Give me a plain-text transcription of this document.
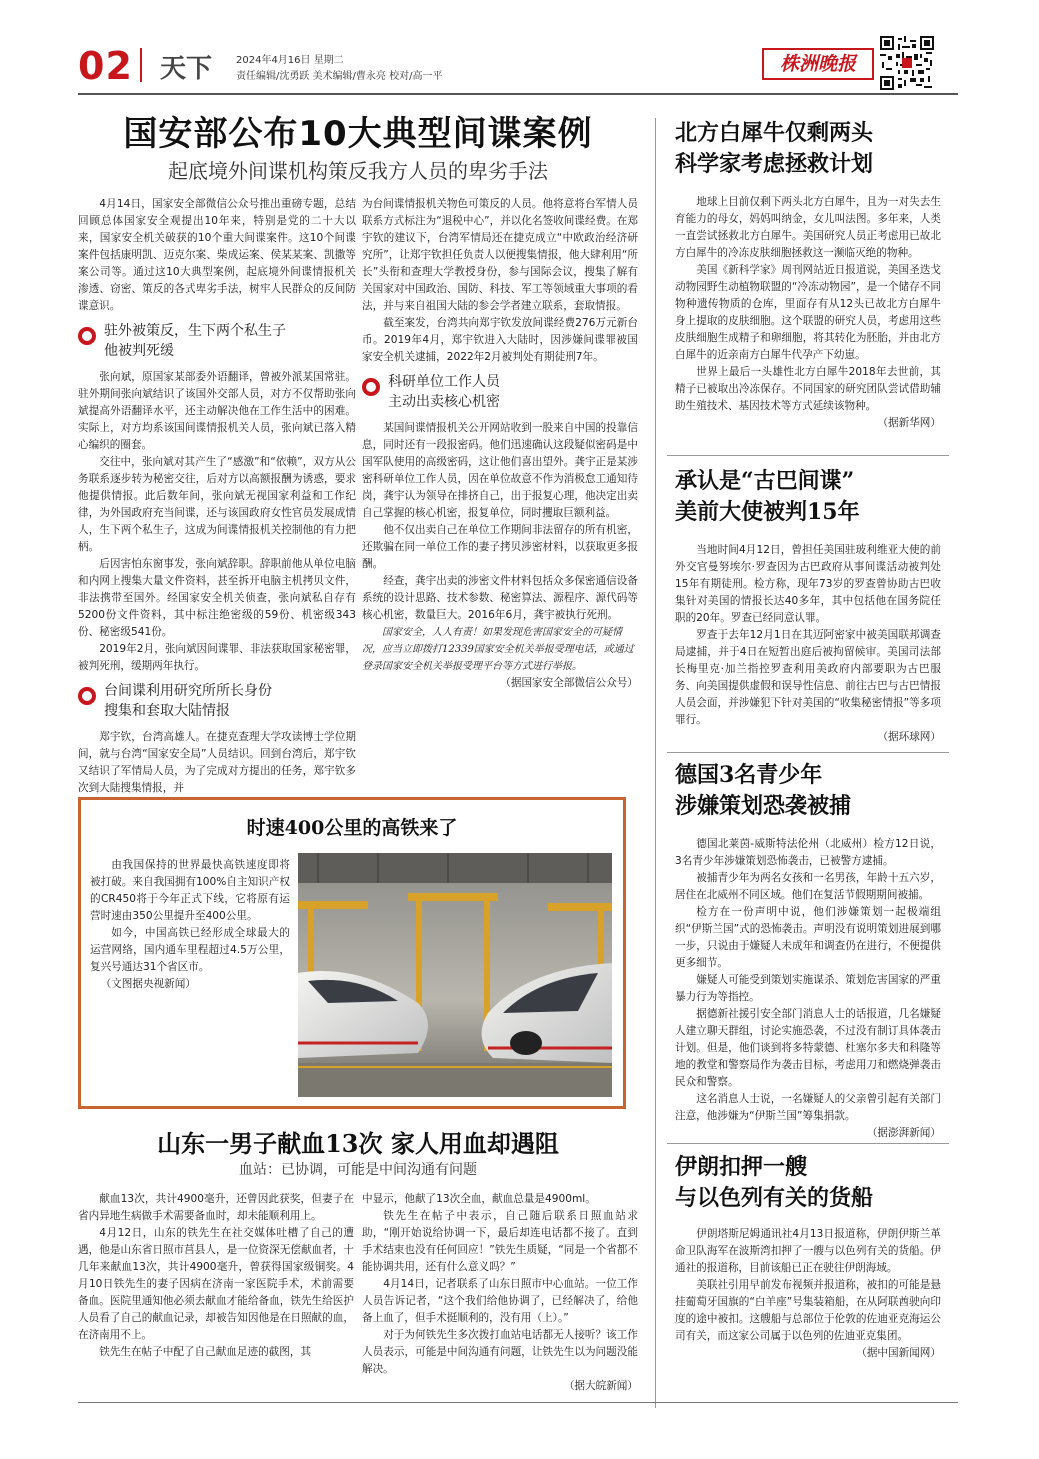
02 天下 2024年4月16日 星期二
责任编辑/沈勇跃 美术编辑/曹永亮 校对/高一平
株洲晚报
国安部公布10大典型间谍案例
起底境外间谍机构策反我方人员的卑劣手法

4月14日，国家安全部微信公众号推出重磅专题，总结回顾总体国家安全观提出10年来，特别是党的二十大以来，国家安全机关破获的10个重大间谍案件。这10个间谍案件包括康明凯、迈克尔案、柴成运案、侯某某案、凯撒等案公司等。通过这10大典型案例，起底境外间谍情报机关渗透、窃密、策反的各式卑劣手法，树牢人民群众的反间防谍意识。

驻外被策反，生下两个私生子
他被判死缓

张向斌，原国家某部委外语翻译，曾被外派某国常驻。驻外期间张向斌结识了该国外交部人员，对方不仅帮助张向斌提高外语翻译水平，还主动解决他在工作生活中的困难。实际上，对方均系该国间谍情报机关人员，张向斌已落入精心编织的圈套。

交往中，张向斌对其产生了“感激”和“依赖”，双方从公务联系逐步转为秘密交往，后对方以高额报酬为诱惑，要求他提供情报。此后数年间，张向斌无视国家利益和工作纪律，为外国政府充当间谍，还与该国政府女性官员发展成情人，生下两个私生子，这成为间谍情报机关控制他的有力把柄。

后因害怕东窗事发，张向斌辞职。辞职前他从单位电脑和内网上搜集大量文件资料，甚至拆开电脑主机拷贝文件，非法携带至国外。经国家安全机关侦查，张向斌私自存有5200份文件资料，其中标注绝密级的59份、机密级343份、秘密级541份。

2019年2月，张向斌因间谍罪、非法获取国家秘密罪，被判死刑，缓期两年执行。

台间谍利用研究所所长身份
搜集和套取大陆情报

郑宇钦，台湾高雄人。在捷克查理大学攻读博士学位期间，就与台湾“国家安全局”人员结识。回到台湾后，郑宇钦又结识了军情局人员，为了完成对方提出的任务，郑宇钦多次到大陆搜集情报，并

为台间谍情报机关物色可策反的人员。他将意将台军情人员联系方式标注为“退税中心”，并以化名签收间谍经费。在郑宇钦的建议下，台湾军情局还在捷克成立“中欧政治经济研究所”，让郑宇钦担任负责人以便搜集情报，他大肆利用“所长”头衔和查理大学教授身份，参与国际会议，搜集了解有关国家对中国政治、国防、科技、军工等领域重大事项的看法，并与来自祖国大陆的参会学者建立联系，套取情报。

截至案发，台湾共向郑宇钦发放间谍经费276万元新台币。2019年4月，郑宇钦进入大陆时，因涉嫌间谍罪被国家安全机关逮捕，2022年2月被判处有期徒刑7年。

科研单位工作人员
主动出卖核心机密

某国间谍情报机关公开网站收到一股来自中国的投靠信息，同时还有一段报密码。他们迅速确认这段疑似密码是中国军队使用的高级密码，这让他们喜出望外。龚宇正是某涉密科研单位工作人员，因在单位故意不作为消极怠工通知待岗，龚宇认为领导在排挤自己，出于报复心理，他决定出卖自己掌握的核心机密，报复单位，同时攫取巨额利益。

他不仅出卖自己在单位工作期间非法留存的所有机密，还欺骗在同一单位工作的妻子拷贝涉密材料，以获取更多报酬。

经查，龚宇出卖的涉密文件材料包括众多保密通信设备系统的设计思路、技术参数、秘密算法、源程序、源代码等核心机密，数量巨大。2016年6月，龚宇被执行死刑。

国家安全，人人有责！如果发现危害国家安全的可疑情况，应当立即拨打12339国家安全机关举报受理电话，或通过登录国家安全机关举报受理平台等方式进行举报。

（据国家安全部微信公众号）

北方白犀牛仅剩两头
科学家考虑拯救计划

地球上目前仅剩下两头北方白犀牛，且为一对失去生育能力的母女，妈妈叫纳金，女儿叫法图。多年来，人类一直尝试拯救北方白犀牛。美国研究人员正考虑用已故北方白犀牛的冷冻皮肤细胞拯救这一濒临灭绝的物种。

美国《新科学家》周刊网站近日报道说，美国圣迭戈动物园野生动植物联盟的“冷冻动物园”，是一个储存不同物种遗传物质的仓库，里面存有从12头已故北方白犀牛身上提取的皮肤细胞。这个联盟的研究人员，考虑用这些皮肤细胞生成精子和卵细胞，将其转化为胚胎，并由北方白犀牛的近亲南方白犀牛代孕产下幼崽。

世界上最后一头雄性北方白犀牛2018年去世前，其精子已被取出冷冻保存。不同国家的研究团队尝试借助辅助生殖技术、基因技术等方式延续该物种。

（据新华网）

承认是“古巴间谍”
美前大使被判15年

当地时间4月12日，曾担任美国驻玻利维亚大使的前外交官曼努埃尔·罗查因为古巴政府从事间谍活动被判处15年有期徒刑。检方称，现年73岁的罗查曾协助古巴收集针对美国的情报长达40多年，其中包括他在国务院任职的20年。罗查已经同意认罪。

罗查于去年12月1日在其迈阿密家中被美国联邦调查局逮捕，并于4日在短暂出庭后被拘留候审。美国司法部长梅里克·加兰指控罗查利用美政府内部要职为古巴服务、向美国提供虚假和误导性信息、前往古巴与古巴情报人员会面，并涉嫌犯下针对美国的“收集秘密情报”等多项罪行。

（据环球网）

德国3名青少年
涉嫌策划恐袭被捕

德国北莱茵-威斯特法伦州（北威州）检方12日说，3名青少年涉嫌策划恐怖袭击，已被警方逮捕。

被捕青少年为两名女孩和一名男孩，年龄十五六岁，居住在北威州不同区域。他们在复活节假期期间被捕。

检方在一份声明中说，他们涉嫌策划一起极端组织“伊斯兰国”式的恐怖袭击。声明没有说明策划进展到哪一步，只说由于嫌疑人未成年和调查仍在进行，不便提供更多细节。

嫌疑人可能受到策划实施谋杀、策划危害国家的严重暴力行为等指控。

据德新社援引安全部门消息人士的话报道，几名嫌疑人建立聊天群组，讨论实施恐袭，不过没有制订具体袭击计划。但是，他们谈到将多特蒙德、杜塞尔多夫和科隆等地的教堂和警察局作为袭击目标，考虑用刀和燃烧弹袭击民众和警察。

这名消息人士说，一名嫌疑人的父亲曾引起有关部门注意，他涉嫌为“伊斯兰国”筹集捐款。

（据澎湃新闻）

伊朗扣押一艘
与以色列有关的货船

伊朗塔斯尼姆通讯社4月13日报道称，伊朗伊斯兰革命卫队海军在波斯湾扣押了一艘与以色列有关的货船。伊通社的报道称，目前该船已正在驶往伊朗海域。

美联社引用早前发布视频并报道称，被扣的可能是悬挂葡萄牙国旗的“白羊座”号集装箱船，在从阿联酋驶向印度的途中被扣。这艘船与总部位于伦敦的佐迪亚克海运公司有关，而这家公司属于以色列的佐迪亚克集团。

（据中国新闻网）

时速400公里的高铁来了

由我国保持的世界最快高铁速度即将被打破。来自我国拥有100%自主知识产权的CR450将于今年正式下线，它将原有运营时速由350公里提升至400公里。

如今，中国高铁已经形成全球最大的运营网络，国内通车里程超过4.5万公里，复兴号通达31个省区市。

（文图据央视新闻）

山东一男子献血13次 家人用血却遇阻
血站：已协调，可能是中间沟通有问题

献血13次，共计4900毫升，还曾因此获奖，但妻子在省内异地生病做手术需要备血时，却未能顺利用上。

4月12日，山东的铁先生在社交媒体吐槽了自己的遭遇，他是山东省日照市莒县人，是一位资深无偿献血者，十几年来献血13次，共计4900毫升，曾获得国家级铜奖。4月10日铁先生的妻子因病在济南一家医院手术，术前需要备血。医院里通知他必须去献血才能给备血，铁先生给医护人员看了自己的献血记录，却被告知因他是在日照献的血，在济南用不上。

铁先生在帖子中配了自己献血足迹的截图，其

中显示，他献了13次全血，献血总量是4900ml。

铁先生在帖子中表示，自己随后联系日照血站求助，“刚开始说给协调一下，最后却连电话都不接了。直到手术结束也没有任何回应！”铁先生质疑，“同是一个省都不能协调共用，还有什么意义吗？”

4月14日，记者联系了山东日照市中心血站。一位工作人员告诉记者，“这个我们给他协调了，已经解决了，给他备上血了，但手术挺顺利的，没有用（上）。”

对于为何铁先生多次拨打血站电话都无人接听？该工作人员表示，可能是中间沟通有问题，让铁先生以为问题没能解决。

（据大皖新闻）
